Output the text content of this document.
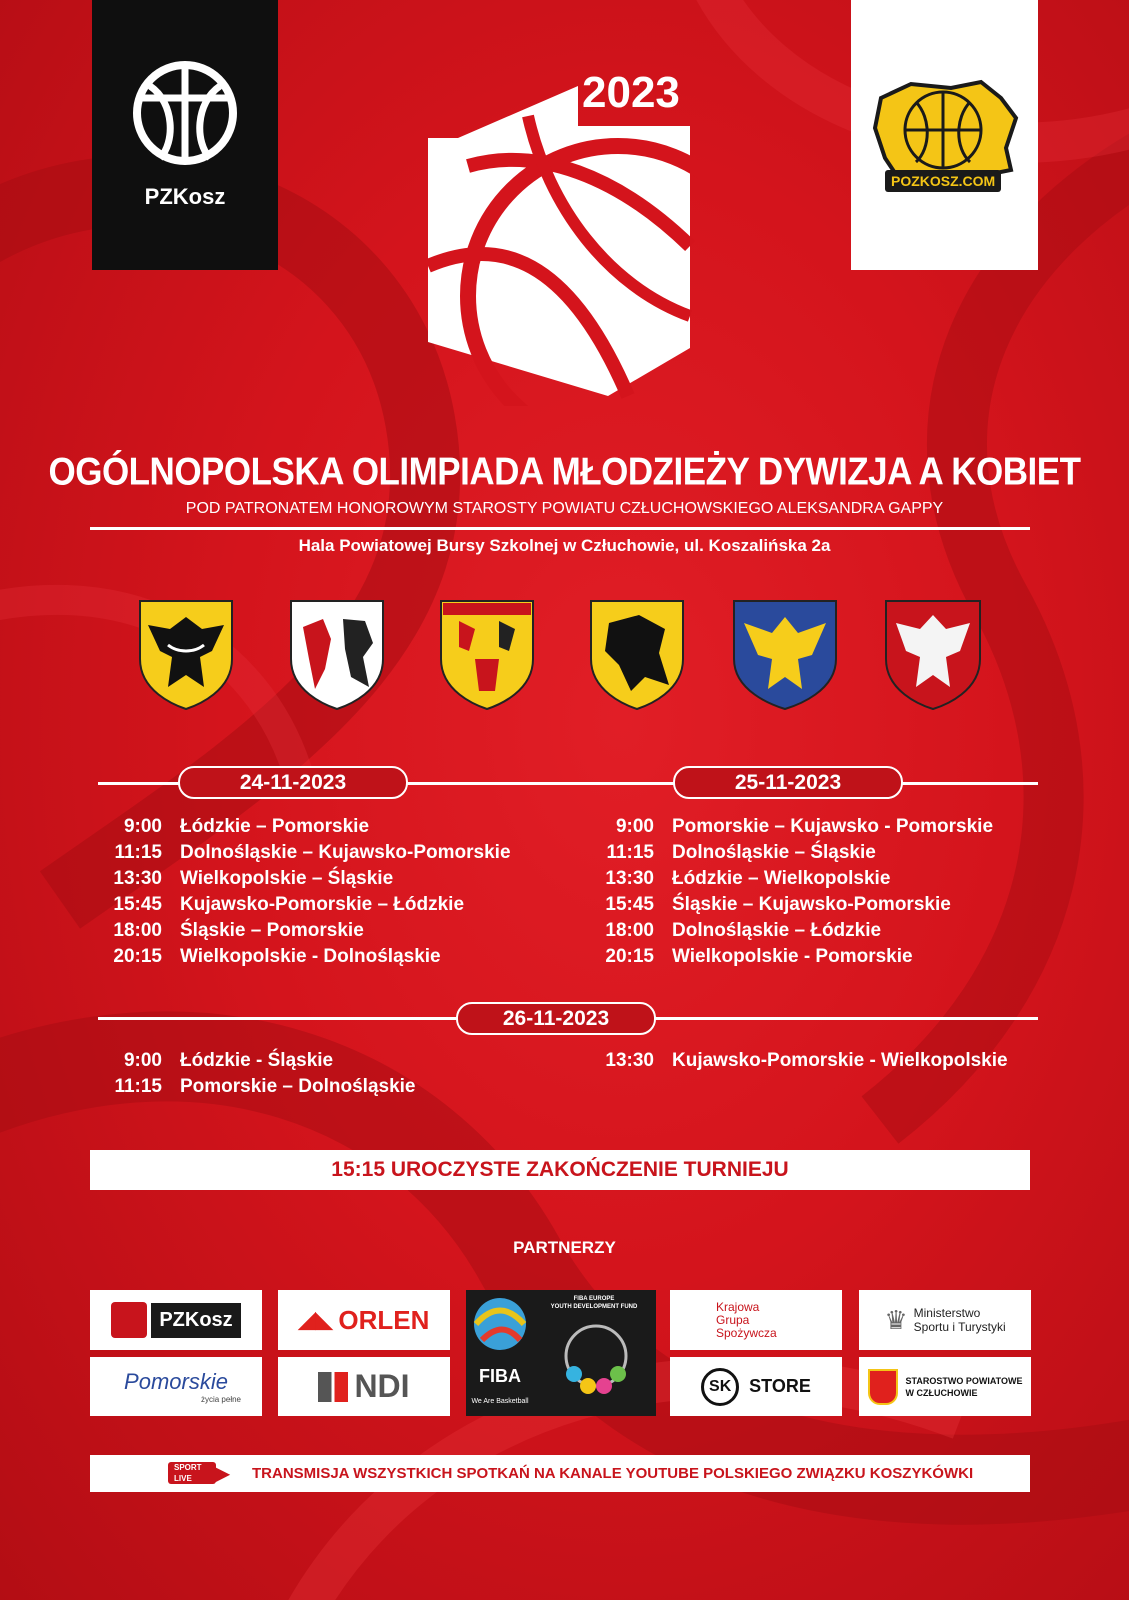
PZKosz
POZKOSZ.COM
2023
OGÓLNOPOLSKA OLIMPIADA MŁODZIEŻY DYWIZJA A KOBIET
POD PATRONATEM HONOROWYM STAROSTY POWIATU CZŁUCHOWSKIEGO ALEKSANDRA GAPPY
Hala Powiatowej Bursy Szkolnej w Człuchowie, ul. Koszalińska 2a
24-11-2023	25-11-2023
9:00 Łódzkie – Pomorskie
11:15 Dolnośląskie – Kujawsko-Pomorskie
13:30 Wielkopolskie – Śląskie
15:45 Kujawsko-Pomorskie – Łódzkie
18:00 Śląskie – Pomorskie
20:15 Wielkopolskie - Dolnośląskie
9:00 Pomorskie – Kujawsko - Pomorskie
11:15 Dolnośląskie – Śląskie
13:30 Łódzkie – Wielkopolskie
15:45 Śląskie – Kujawsko-Pomorskie
18:00 Dolnośląskie – Łódzkie
20:15 Wielkopolskie - Pomorskie
26-11-2023
9:00 Łódzkie - Śląskie
11:15 Pomorskie – Dolnośląskie
13:30 Kujawsko-Pomorskie - Wielkopolskie
15:15 UROCZYSTE ZAKOŃCZENIE TURNIEJU
PARTNERZY
PZKosz	◢◣ ORLEN
FIBA
We Are Basketball
FIBA EUROPE
YOUTH DEVELOPMENT FUND	Krajowa
Grupa
Spożywcza	♛ Ministerstwo
Sportu i Turystyki
Pomorskie
życia pełne	NDI	SK STORE	STAROSTWO POWIATOWE
W CZŁUCHOWIE
SPORT
LIVE	▶ TRANSMISJA WSZYSTKICH SPOTKAŃ NA KANALE YOUTUBE POLSKIEGO ZWIĄZKU KOSZYKÓWKI
